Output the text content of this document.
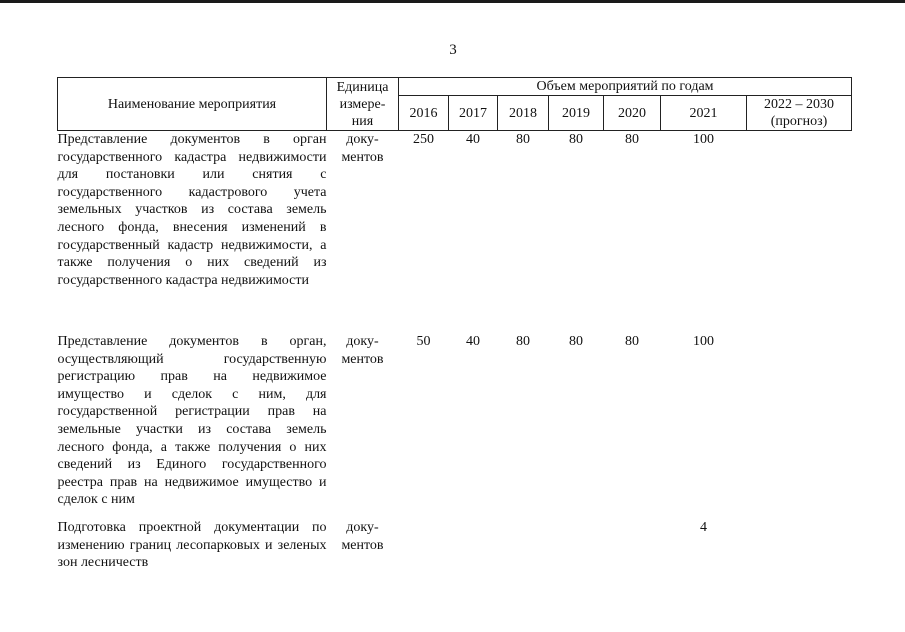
3
Наименование мероприятия	Единица измере-ния	Объем мероприятий по годам						
		2016	2017	2018	2019	2020	2021	2022 – 2030 (прогноз)
Представление документов в орган государственного кадастра недвижимости для постановки или снятия с государственного кадастрового учета земельных участков из состава земель лесного фонда, внесения изменений в государственный кадастр недвижимости, а также получения о них сведений из государственного кадастра недвижимости	доку-ментов	250	40	80	80	80	100	
Представление документов в орган, осуществляющий государственную регистрацию прав на недвижимое имущество и сделок с ним, для государственной регистрации прав на земельные участки из состава земель лесного фонда, а также получения о них сведений из Единого государственного реестра прав на недвижимое имущество и сделок с ним	доку-ментов	50	40	80	80	80	100	
Подготовка проектной документации по изменению границ лесопарковых и зеленых зон лесничеств	доку-ментов						4	
